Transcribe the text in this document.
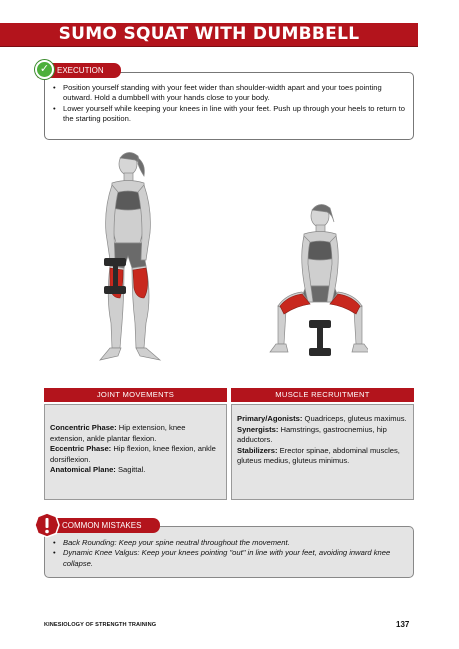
SUMO SQUAT WITH DUMBBELL
✓ EXECUTION
• Position yourself standing with your feet wider than shoulder-width apart and your toes pointing outward. Hold a dumbbell with your hands close to your body.
• Lower yourself while keeping your knees in line with your feet. Push up through your heels to return to the starting position.
JOINT MOVEMENTS
Concentric Phase: Hip extension, knee extension, ankle plantar flexion.
Eccentric Phase: Hip flexion, knee flexion, ankle dorsiflexion.
Anatomical Plane: Sagittal.
MUSCLE RECRUITMENT
Primary/Agonists: Quadriceps, gluteus maximus.
Synergists: Hamstrings, gastrocnemius, hip adductors.
Stabilizers: Erector spinae, abdominal muscles, gluteus medius, gluteus minimus.
COMMON MISTAKES
• Back Rounding: Keep your spine neutral throughout the movement.
• Dynamic Knee Valgus: Keep your knees pointing "out" in line with your feet, avoiding inward knee collapse.
KINESIOLOGY OF STRENGTH TRAINING	137
